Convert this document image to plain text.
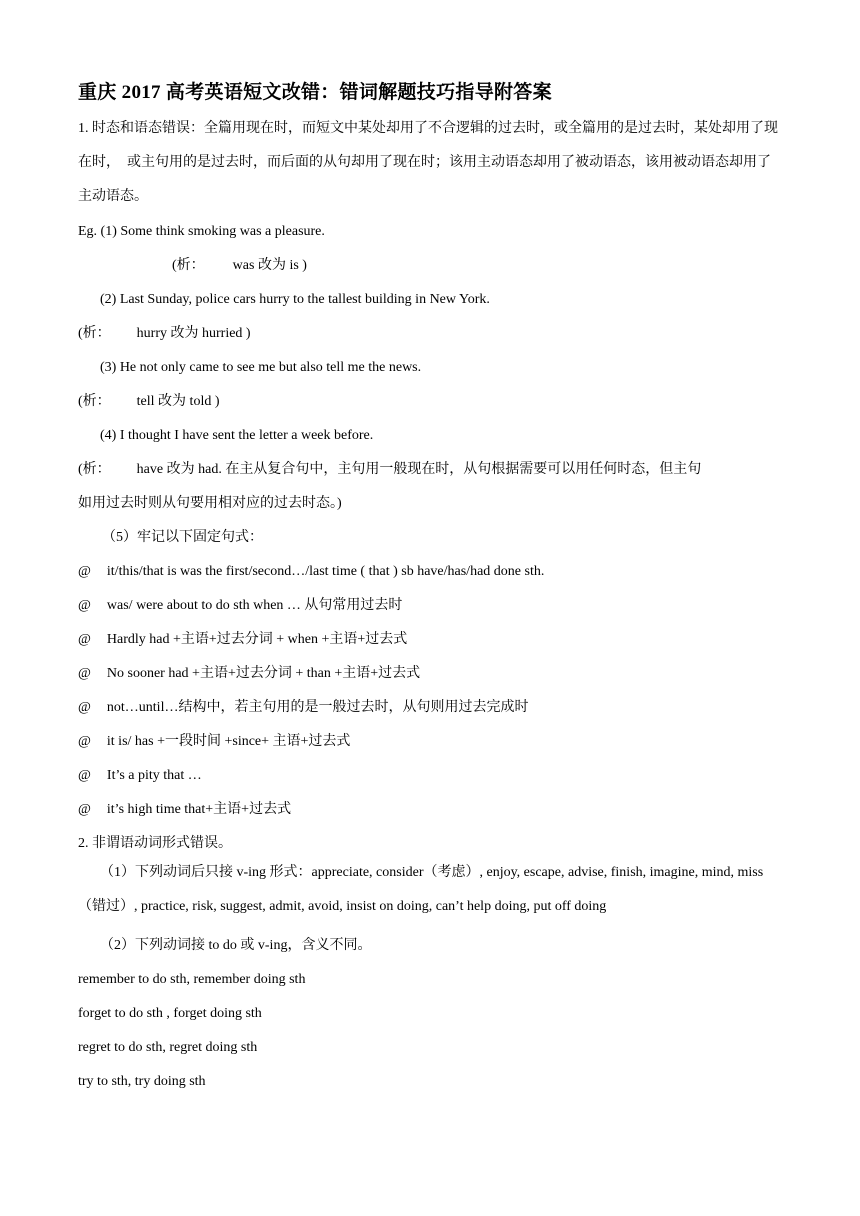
重庆 2017 高考英语短文改错：错词解题技巧指导附答案
1. 时态和语态错误：全篇用现在时，而短文中某处却用了不合逻辑的过去时，或全篇用的是过去时，某处却用了现在时，　或主句用的是过去时，而后面的从句却用了现在时；该用主动语态却用了被动语态，该用被动语态却用了主动语态。
Eg. (1) Some think smoking was a pleasure.
(析： was 改为 is )
(2) Last Sunday, police cars hurry to the tallest building in New York.
(析： hurry 改为 hurried )
(3) He not only came to see me but also tell me the news.
(析： tell 改为 told )
(4) I thought I have sent the letter a week before.
(析： have 改为 had. 在主从复合句中，主句用一般现在时，从句根据需要可以用任何时态，但主句
如用过去时则从句要用相对应的过去时态。)
（5）牢记以下固定句式：
@ it/this/that is was the first/second…/last time ( that ) sb have/has/had done sth.
@ was/ were about to do sth when … 从句常用过去时
@ Hardly had +主语+过去分词 + when +主语+过去式
@ No sooner had +主语+过去分词 + than +主语+过去式
@ not…until…结构中，若主句用的是一般过去时，从句则用过去完成时
@ it is/ has +一段时间 +since+ 主语+过去式
@ It’s a pity that …
@ it’s high time that+主语+过去式
2. 非谓语动词形式错误。
（1）下列动词后只接 v-ing 形式：appreciate, consider（考虑）, enjoy, escape, advise, finish, imagine, mind, miss（错过）, practice, risk, suggest, admit, avoid, insist on doing, can’t help doing, put off doing
（2）下列动词接 to do 或 v-ing，含义不同。
remember to do sth, remember doing sth
forget to do sth , forget doing sth
regret to do sth, regret doing sth
try to sth, try doing sth
